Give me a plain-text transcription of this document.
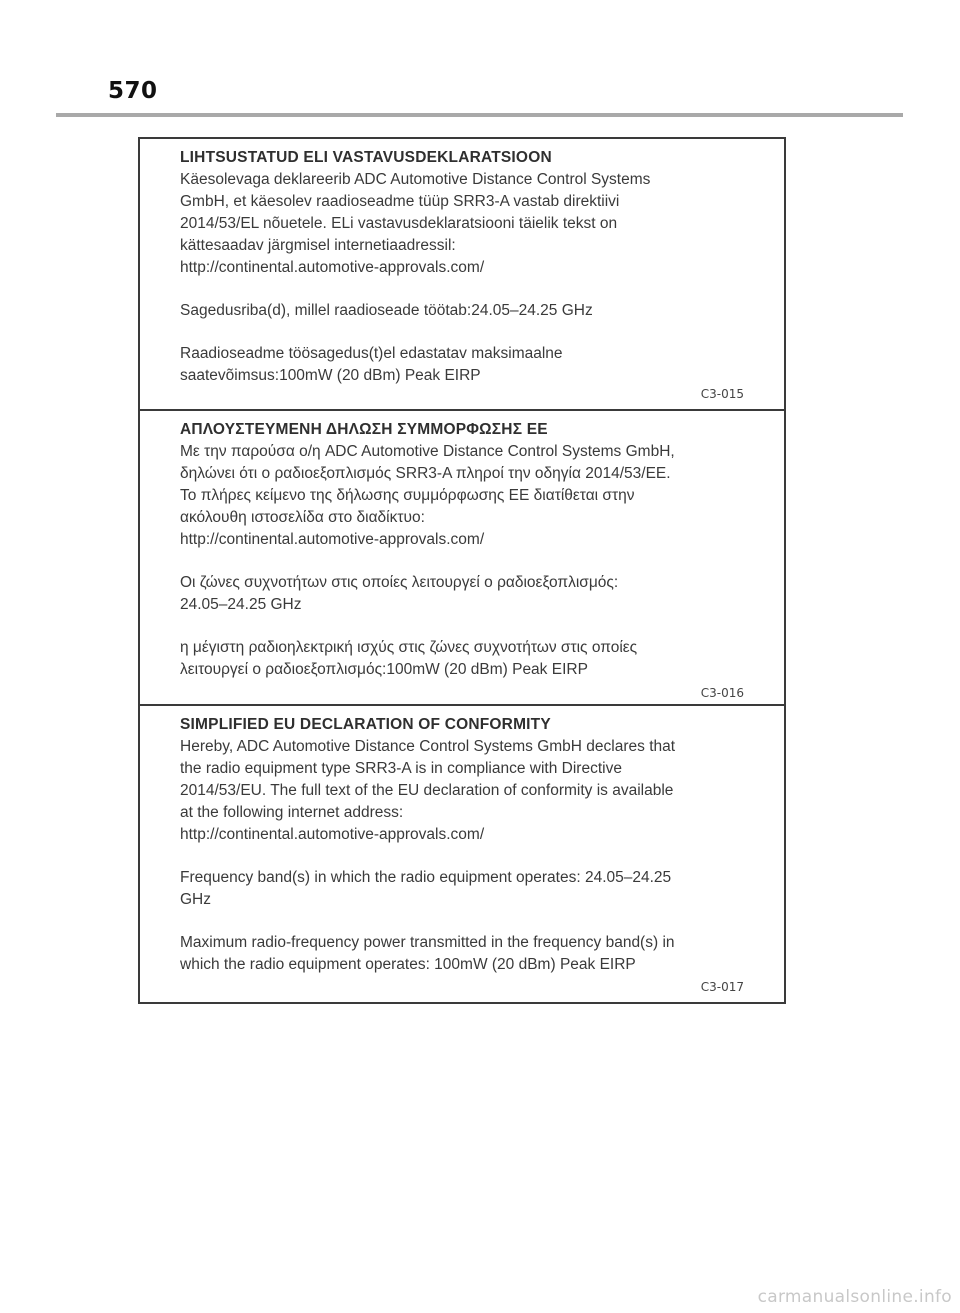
570
LIHTSUSTATUD ELI VASTAVUSDEKLARATSIOON
Käesolevaga deklareerib ADC Automotive Distance Control Systems
GmbH, et käesolev raadioseadme tüüp SRR3-A vastab direktiivi
2014/53/EL nõuetele. ELi vastavusdeklaratsiooni täielik tekst on
kättesaadav järgmisel internetiaadressil:
http://continental.automotive-approvals.com/
Sagedusriba(d), millel raadioseade töötab:24.05–24.25 GHz
Raadioseadme töösagedus(t)el edastatav maksimaalne
saatevõimsus:100mW (20 dBm) Peak EIRP
C3-015
ΑΠΛΟΥΣΤΕΥΜΕΝΗ ΔΗΛΩΣΗ ΣΥΜΜΟΡΦΩΣΗΣ ΕΕ
Με την παρούσα ο/η ADC Automotive Distance Control Systems GmbH,
δηλώνει ότι ο ραδιοεξοπλισμός SRR3-A πληροί την οδηγία 2014/53/ΕΕ.
Το πλήρες κείμενο της δήλωσης συμμόρφωσης ΕΕ διατίθεται στην
ακόλουθη ιστοσελίδα στο διαδίκτυο:
http://continental.automotive-approvals.com/
Οι ζώνες συχνοτήτων στις οποίες λειτουργεί ο ραδιοεξοπλισμός:
24.05–24.25 GHz
η μέγιστη ραδιοηλεκτρική ισχύς στις ζώνες συχνοτήτων στις οποίες
λειτουργεί ο ραδιοεξοπλισμός:100mW (20 dBm) Peak EIRP
C3-016
SIMPLIFIED EU DECLARATION OF CONFORMITY
Hereby, ADC Automotive Distance Control Systems GmbH declares that
the radio equipment type SRR3-A is in compliance with Directive
2014/53/EU. The full text of the EU declaration of conformity is available
at the following internet address:
http://continental.automotive-approvals.com/
Frequency band(s) in which the radio equipment operates: 24.05–24.25
GHz
Maximum radio-frequency power transmitted in the frequency band(s) in
which the radio equipment operates: 100mW (20 dBm) Peak EIRP
C3-017
carmanualsonline.info
